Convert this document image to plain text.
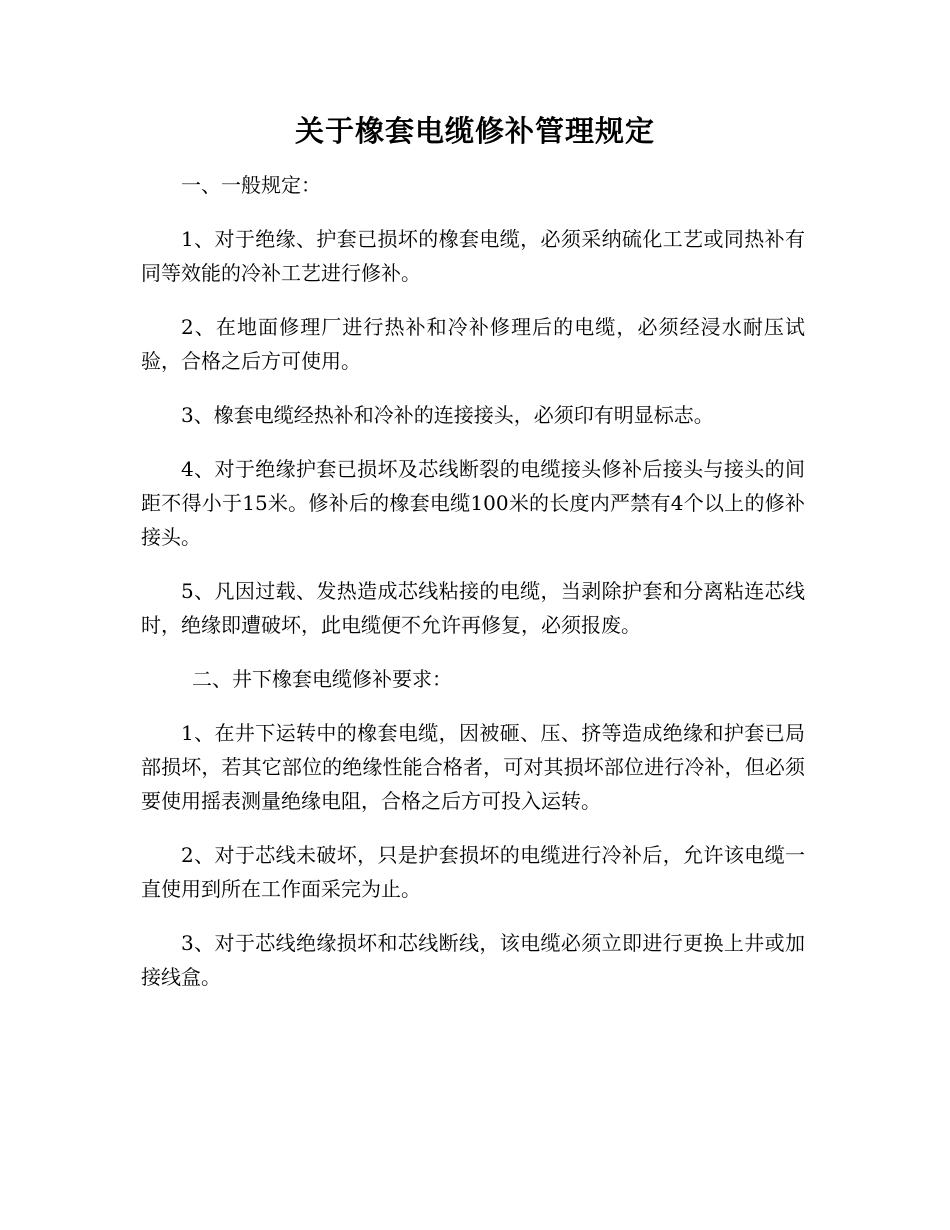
关于橡套电缆修补管理规定
一、一般规定：

1、对于绝缘、护套已损坏的橡套电缆，必须采纳硫化工艺或同热补有同等效能的冷补工艺进行修补。

2、在地面修理厂进行热补和冷补修理后的电缆，必须经浸水耐压试验，合格之后方可使用。

3、橡套电缆经热补和冷补的连接接头，必须印有明显标志。

4、对于绝缘护套已损坏及芯线断裂的电缆接头修补后接头与接头的间距不得小于15米。修补后的橡套电缆100米的长度内严禁有4个以上的修补接头。

5、凡因过载、发热造成芯线粘接的电缆，当剥除护套和分离粘连芯线时，绝缘即遭破坏，此电缆便不允许再修复，必须报废。

二、井下橡套电缆修补要求：

1、在井下运转中的橡套电缆，因被砸、压、挤等造成绝缘和护套已局部损坏，若其它部位的绝缘性能合格者，可对其损坏部位进行冷补，但必须要使用摇表测量绝缘电阻，合格之后方可投入运转。

2、对于芯线未破坏，只是护套损坏的电缆进行冷补后，允许该电缆一直使用到所在工作面采完为止。

3、对于芯线绝缘损坏和芯线断线，该电缆必须立即进行更换上井或加接线盒。
